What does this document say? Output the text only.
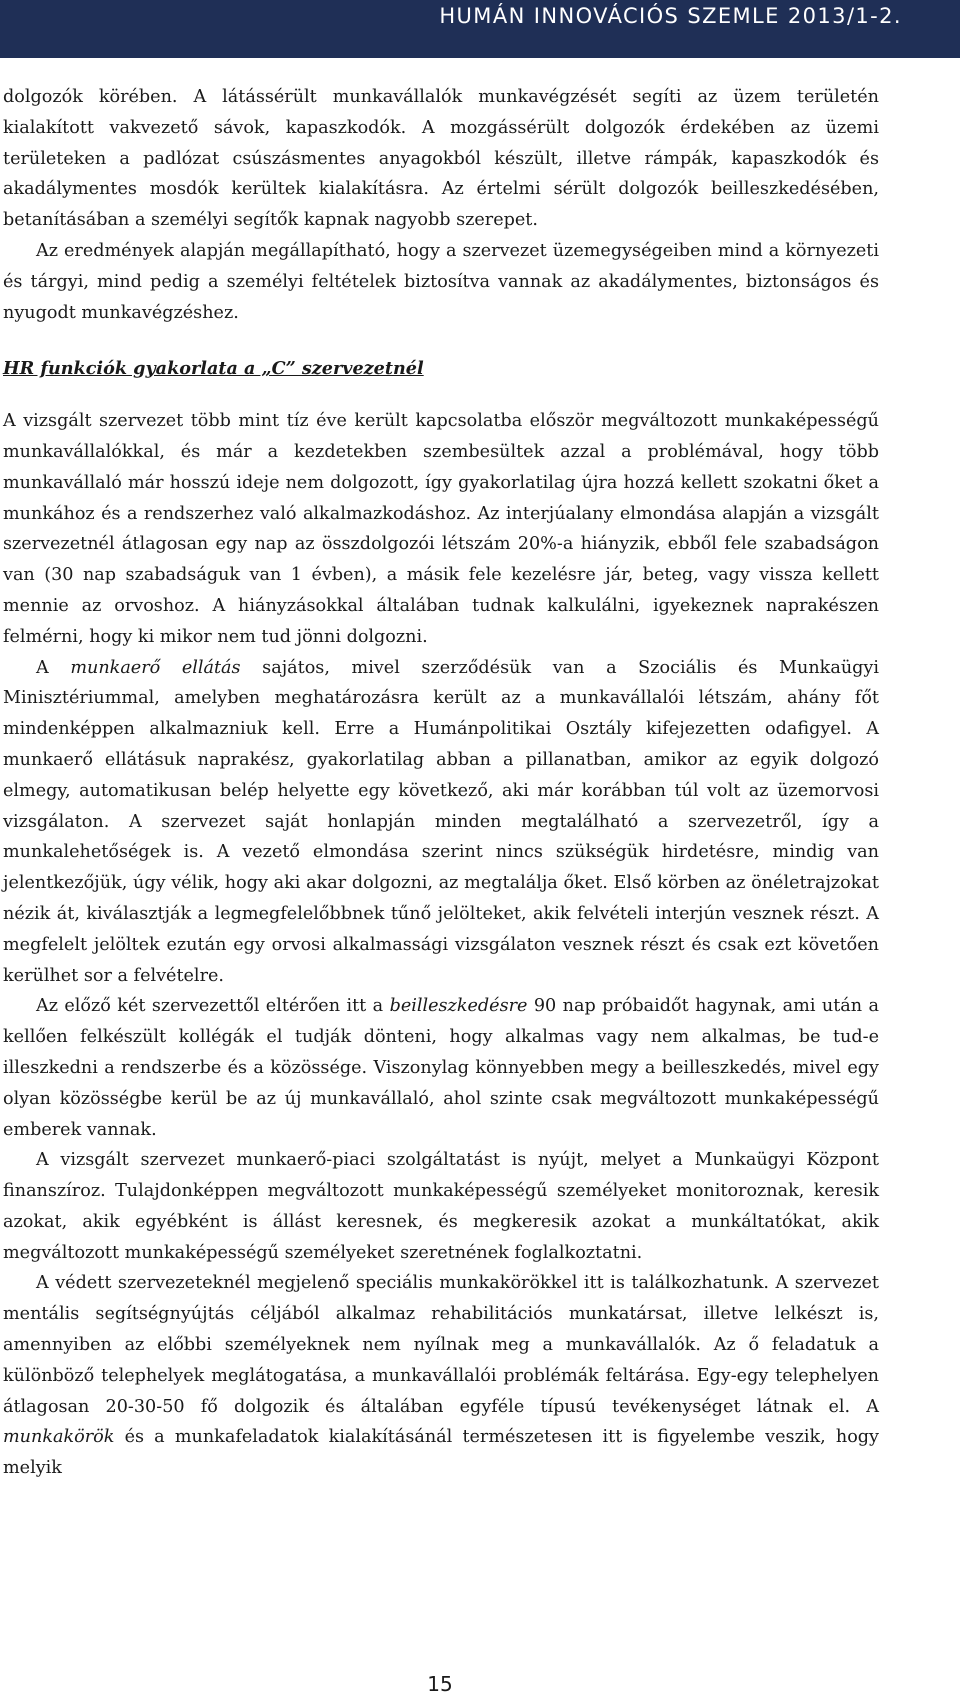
HUMÁN INNOVÁCIÓS SZEMLE 2013/1-2.

dolgozók körében. A látássérült munkavállalók munkavégzését segíti az üzem területén kialakított vakvezető sávok, kapaszkodók. A mozgássérült dolgozók érdekében az üzemi területeken a padlózat csúszásmentes anyagokból készült, illetve rámpák, kapaszkodók és akadálymentes mosdók kerültek kialakításra. Az értelmi sérült dolgozók beilleszkedésében, betanításában a személyi segítők kapnak nagyobb szerepet.

Az eredmények alapján megállapítható, hogy a szervezet üzemegységeiben mind a környezeti és tárgyi, mind pedig a személyi feltételek biztosítva vannak az akadálymentes, biztonságos és nyugodt munkavégzéshez.

HR funkciók gyakorlata a „C” szervezetnél

A vizsgált szervezet több mint tíz éve került kapcsolatba először megváltozott munkaképességű munkavállalókkal, és már a kezdetekben szembesültek azzal a problémával, hogy több munkavállaló már hosszú ideje nem dolgozott, így gyakorlatilag újra hozzá kellett szokatni őket a munkához és a rendszerhez való alkalmazkodáshoz. Az interjúalany elmondása alapján a vizsgált szervezetnél átlagosan egy nap az összdolgozói létszám 20%-a hiányzik, ebből fele szabadságon van (30 nap szabadságuk van 1 évben), a másik fele kezelésre jár, beteg, vagy vissza kellett mennie az orvoshoz. A hiányzásokkal általában tudnak kalkulálni, igyekeznek naprakészen felmérni, hogy ki mikor nem tud jönni dolgozni.

A munkaerő ellátás sajátos, mivel szerződésük van a Szociális és Munkaügyi Minisztériummal, amelyben meghatározásra került az a munkavállalói létszám, ahány főt mindenképpen alkalmazniuk kell. Erre a Humánpolitikai Osztály kifejezetten odafigyel. A munkaerő ellátásuk naprakész, gyakorlatilag abban a pillanatban, amikor az egyik dolgozó elmegy, automatikusan belép helyette egy következő, aki már korábban túl volt az üzemorvosi vizsgálaton. A szervezet saját honlapján minden megtalálható a szervezetről, így a munkalehetőségek is. A vezető elmondása szerint nincs szükségük hirdetésre, mindig van jelentkezőjük, úgy vélik, hogy aki akar dolgozni, az megtalálja őket. Első körben az önéletrajzokat nézik át, kiválasztják a legmegfelelőbbnek tűnő jelölteket, akik felvételi interjún vesznek részt. A megfelelt jelöltek ezután egy orvosi alkalmassági vizsgálaton vesznek részt és csak ezt követően kerülhet sor a felvételre.

Az előző két szervezettől eltérően itt a beilleszkedésre 90 nap próbaidőt hagynak, ami után a kellően felkészült kollégák el tudják dönteni, hogy alkalmas vagy nem alkalmas, be tud-e illeszkedni a rendszerbe és a közössége. Viszonylag könnyebben megy a beilleszkedés, mivel egy olyan közösségbe kerül be az új munkavállaló, ahol szinte csak megváltozott munkaképességű emberek vannak.

A vizsgált szervezet munkaerő-piaci szolgáltatást is nyújt, melyet a Munkaügyi Központ finanszíroz. Tulajdonképpen megváltozott munkaképességű személyeket monitoroznak, keresik azokat, akik egyébként is állást keresnek, és megkeresik azokat a munkáltatókat, akik megváltozott munkaképességű személyeket szeretnének foglalkoztatni.

A védett szervezeteknél megjelenő speciális munkakörökkel itt is találkozhatunk. A szervezet mentális segítségnyújtás céljából alkalmaz rehabilitációs munkatársat, illetve lelkészt is, amennyiben az előbbi személyeknek nem nyílnak meg a munkavállalók. Az ő feladatuk a különböző telephelyek meglátogatása, a munkavállalói problémák feltárása. Egy-egy telephelyen átlagosan 20-30-50 fő dolgozik és általában egyféle típusú tevékenységet látnak el. A munkakörök és a munkafeladatok kialakításánál természetesen itt is figyelembe veszik, hogy melyik

15
